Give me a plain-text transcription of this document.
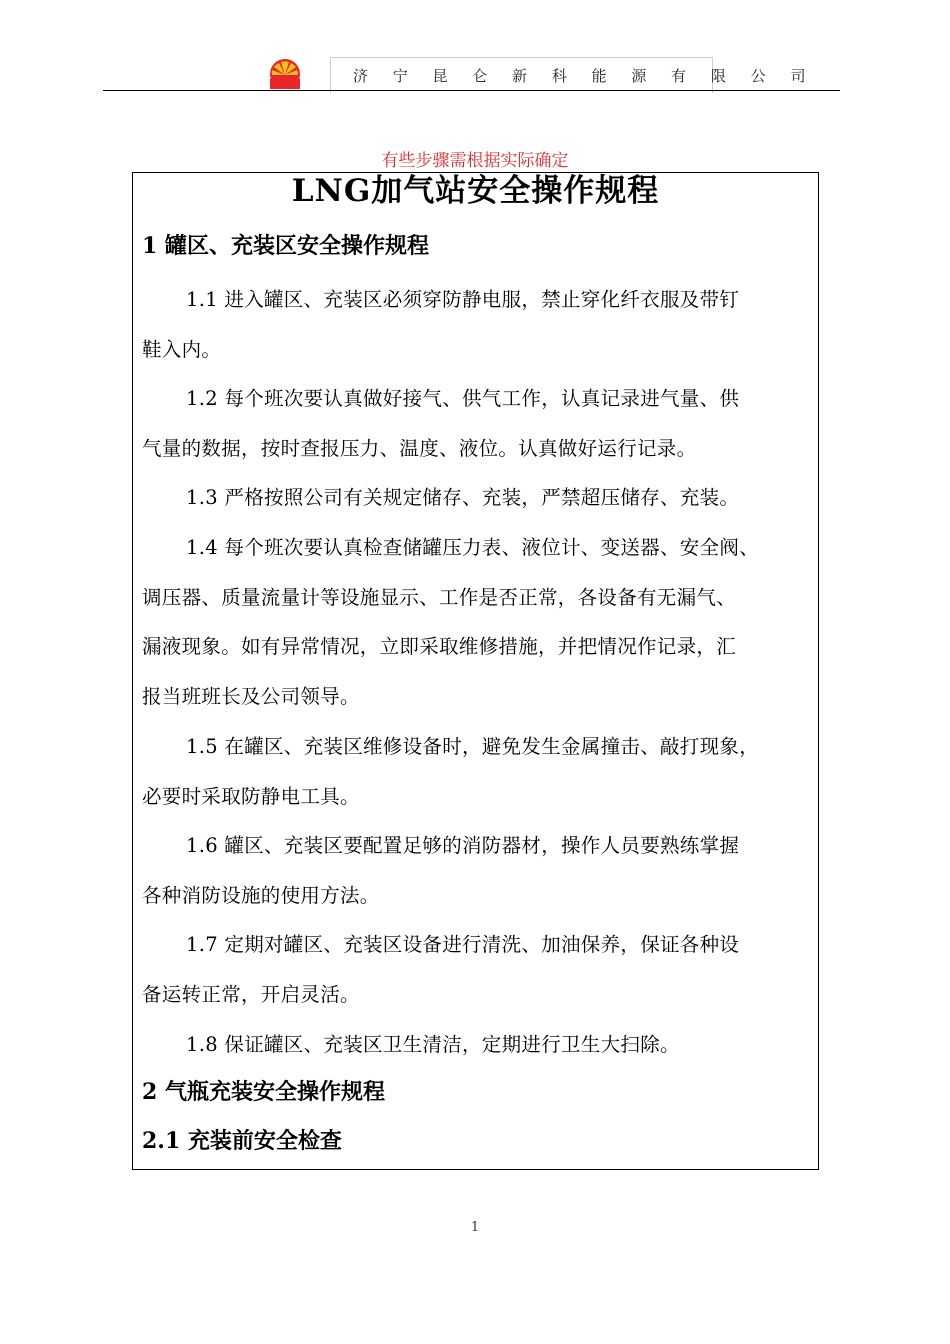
济 宁 昆 仑 新 科 能 源 有 限 公 司
有些步骤需根据实际确定
LNG加气站安全操作规程
1 罐区、充装区安全操作规程
1.1 进入罐区、充装区必须穿防静电服，禁止穿化纤衣服及带钉
鞋入内。
1.2 每个班次要认真做好接气、供气工作，认真记录进气量、供
气量的数据，按时查报压力、温度、液位。认真做好运行记录。
1.3 严格按照公司有关规定储存、充装，严禁超压储存、充装。
1.4 每个班次要认真检查储罐压力表、液位计、变送器、安全阀、
调压器、质量流量计等设施显示、工作是否正常，各设备有无漏气、
漏液现象。如有异常情况，立即采取维修措施，并把情况作记录，汇
报当班班长及公司领导。
1.5 在罐区、充装区维修设备时，避免发生金属撞击、敲打现象，
必要时采取防静电工具。
1.6 罐区、充装区要配置足够的消防器材，操作人员要熟练掌握
各种消防设施的使用方法。
1.7 定期对罐区、充装区设备进行清洗、加油保养，保证各种设
备运转正常，开启灵活。
1.8 保证罐区、充装区卫生清洁，定期进行卫生大扫除。
2 气瓶充装安全操作规程
2.1 充装前安全检查
1
